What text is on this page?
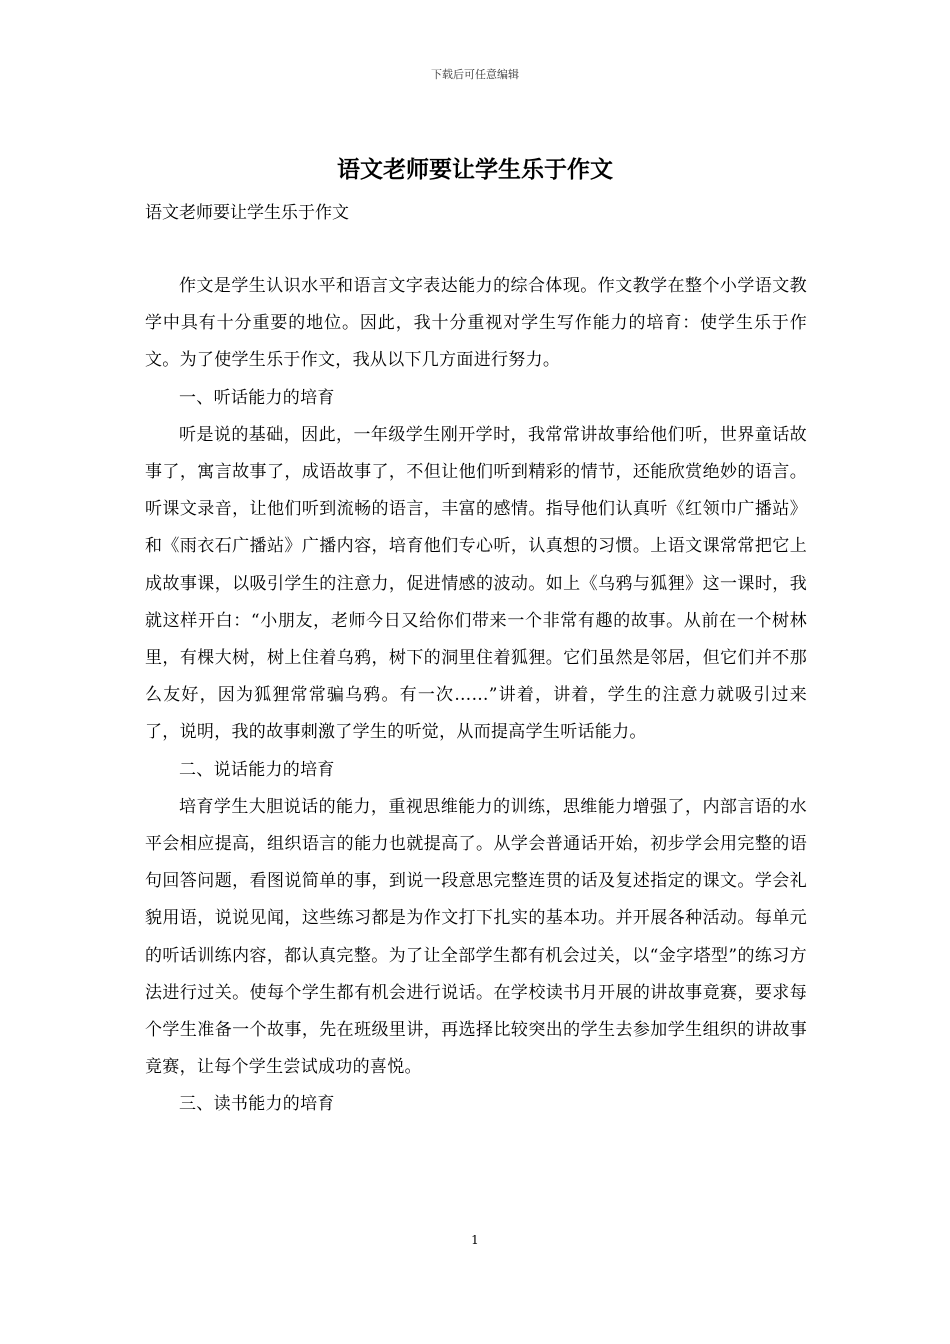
下载后可任意编辑
语文老师要让学生乐于作文
语文老师要让学生乐于作文

作文是学生认识水平和语言文字表达能力的综合体现。作文教学在整个小学语文教学中具有十分重要的地位。因此，我十分重视对学生写作能力的培育：使学生乐于作文。为了使学生乐于作文，我从以下几方面进行努力。

一、听话能力的培育

听是说的基础，因此，一年级学生刚开学时，我常常讲故事给他们听，世界童话故事了，寓言故事了，成语故事了，不但让他们听到精彩的情节，还能欣赏绝妙的语言。听课文录音，让他们听到流畅的语言，丰富的感情。指导他们认真听《红领巾广播站》和《雨衣石广播站》广播内容，培育他们专心听，认真想的习惯。上语文课常常把它上成故事课，以吸引学生的注意力，促进情感的波动。如上《乌鸦与狐狸》这一课时，我就这样开白：“小朋友，老师今日又给你们带来一个非常有趣的故事。从前在一个树林里，有棵大树，树上住着乌鸦，树下的洞里住着狐狸。它们虽然是邻居，但它们并不那么友好，因为狐狸常常骗乌鸦。有一次……”讲着，讲着，学生的注意力就吸引过来了，说明，我的故事刺激了学生的听觉，从而提高学生听话能力。

二、说话能力的培育

培育学生大胆说话的能力，重视思维能力的训练，思维能力增强了，内部言语的水平会相应提高，组织语言的能力也就提高了。从学会普通话开始，初步学会用完整的语句回答问题，看图说简单的事，到说一段意思完整连贯的话及复述指定的课文。学会礼貌用语，说说见闻，这些练习都是为作文打下扎实的基本功。并开展各种活动。每单元的听话训练内容，都认真完整。为了让全部学生都有机会过关，以“金字塔型”的练习方法进行过关。使每个学生都有机会进行说话。在学校读书月开展的讲故事竟赛，要求每个学生准备一个故事，先在班级里讲，再选择比较突出的学生去参加学生组织的讲故事竟赛，让每个学生尝试成功的喜悦。

三、读书能力的培育

1
